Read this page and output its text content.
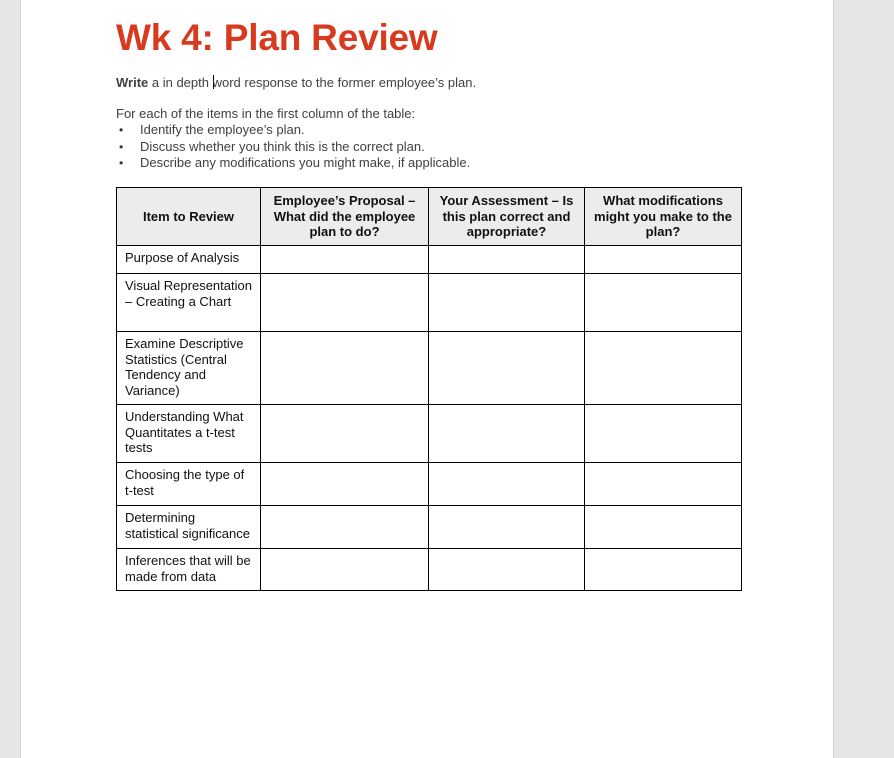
Wk 4: Plan Review
Write a in depth word response to the former employee’s plan.
For each of the items in the first column of the table:
• Identify the employee’s plan.
• Discuss whether you think this is the correct plan.
• Describe any modifications you might make, if applicable.
Item to Review	Employee’s Proposal – What did the employee plan to do?	Your Assessment – Is this plan correct and appropriate?	What modifications might you make to the plan?
Purpose of Analysis			
Visual Representation – Creating a Chart			
Examine Descriptive Statistics (Central Tendency and Variance)			
Understanding What Quantitates a t-test tests			
Choosing the type of t-test			
Determining statistical significance			
Inferences that will be made from data			
